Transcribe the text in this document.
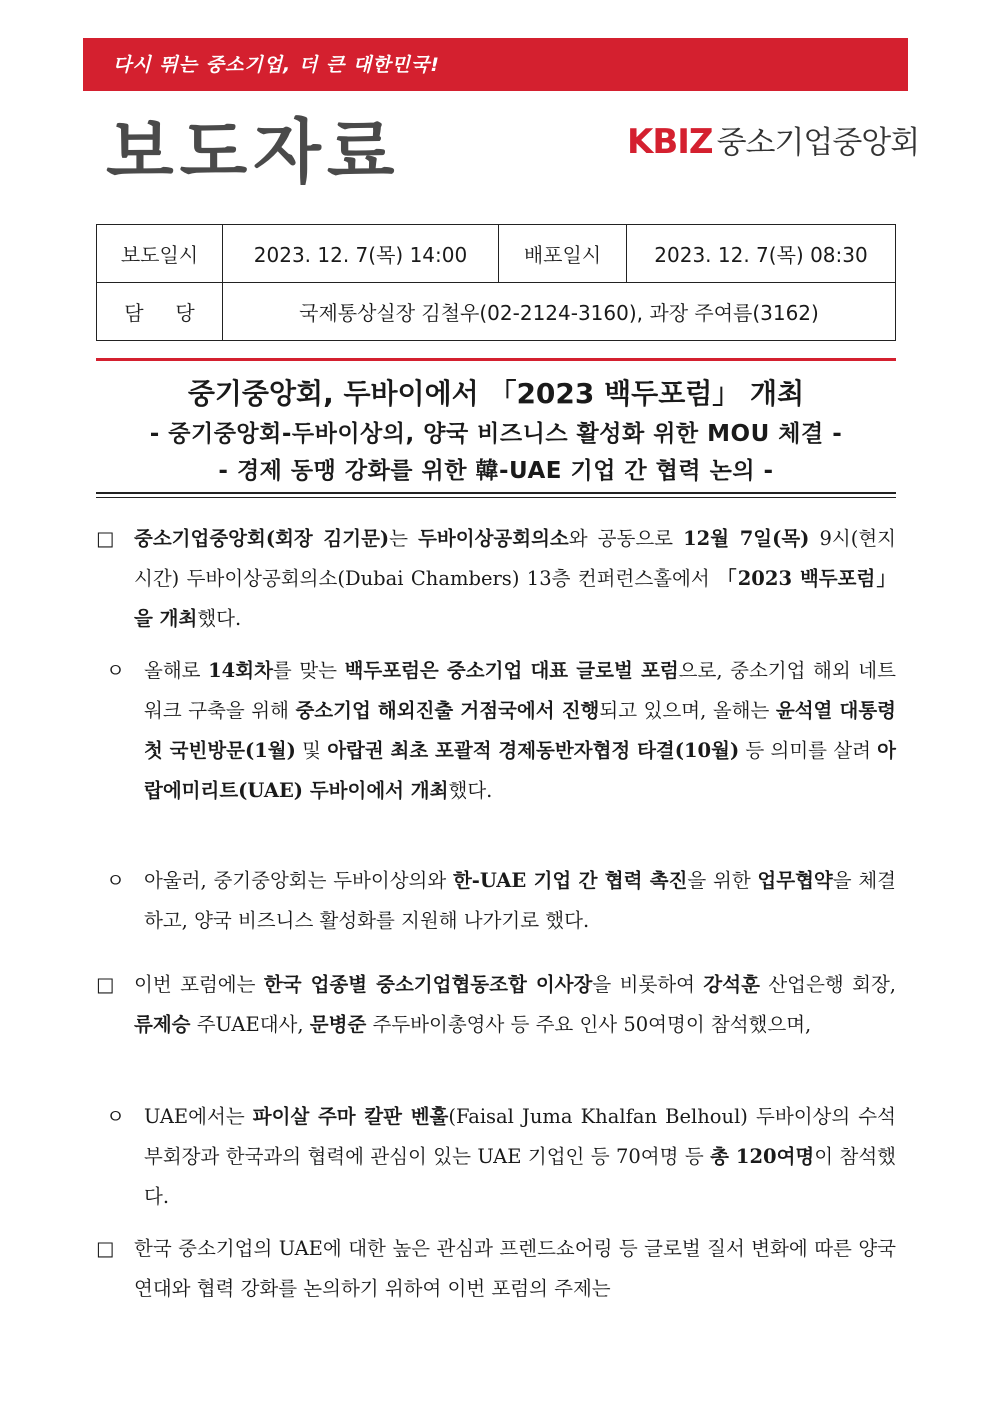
다시 뛰는 중소기업, 더 큰 대한민국!
보도자료	KBIZ 중소기업중앙회
보도일시	2023. 12. 7(목) 14:00	배포일시	2023. 12. 7(목) 08:30
담     당	국제통상실장 김철우(02-2124-3160), 과장 주여름(3162)		
중기중앙회, 두바이에서 「2023 백두포럼」 개최
- 중기중앙회-두바이상의, 양국 비즈니스 활성화 위한 MOU 체결 -
- 경제 동맹 강화를 위한 韓-UAE 기업 간 협력 논의 -
□	중소기업중앙회(회장 김기문)는 두바이상공회의소와 공동으로 12월 7일(목) 9시(현지 시간) 두바이상공회의소(Dubai Chambers) 13층 컨퍼런스홀에서 「2023 백두포럼」을 개최했다.
ㅇ 올해로 14회차를 맞는 백두포럼은 중소기업 대표 글로벌 포럼으로, 중소기업 해외 네트워크 구축을 위해 중소기업 해외진출 거점국에서 진행되고 있으며, 올해는 윤석열 대통령 첫 국빈방문(1월) 및 아랍권 최초 포괄적 경제동반자협정 타결(10월) 등 의미를 살려 아랍에미리트(UAE) 두바이에서 개최했다.
ㅇ 아울러, 중기중앙회는 두바이상의와 한-UAE 기업 간 협력 촉진을 위한 업무협약을 체결하고, 양국 비즈니스 활성화를 지원해 나가기로 했다.
□	이번 포럼에는 한국 업종별 중소기업협동조합 이사장을 비롯하여 강석훈 산업은행 회장, 류제승 주UAE대사, 문병준 주두바이총영사 등 주요 인사 50여명이 참석했으며,
ㅇ UAE에서는 파이살 주마 칼판 벤훌(Faisal Juma Khalfan Belhoul) 두바이상의 수석 부회장과 한국과의 협력에 관심이 있는 UAE 기업인 등 70여명 등 총 120여명이 참석했다.
□	한국 중소기업의 UAE에 대한 높은 관심과 프렌드쇼어링 등 글로벌 질서 변화에 따른 양국 연대와 협력 강화를 논의하기 위하여 이번 포럼의 주제는
